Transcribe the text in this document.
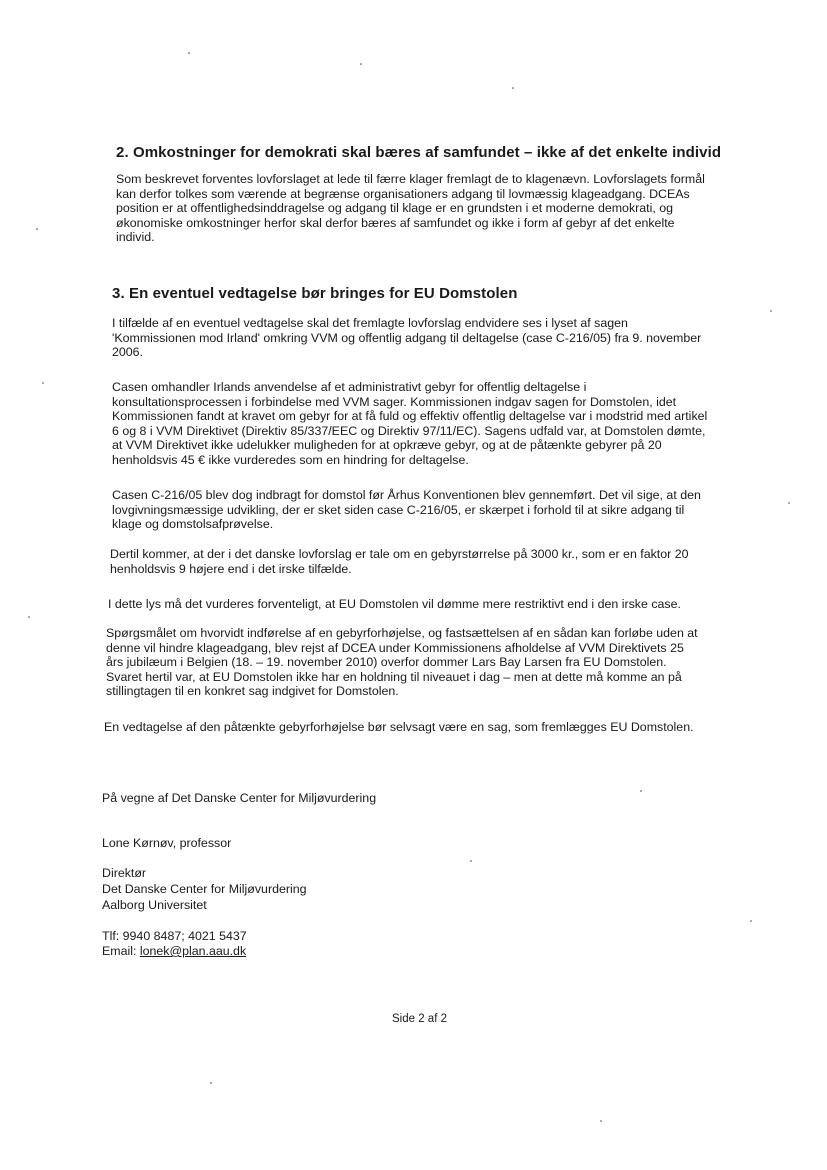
2. Omkostninger for demokrati skal bæres af samfundet – ikke af det enkelte individ
Som beskrevet forventes lovforslaget at lede til færre klager fremlagt de to klagenævn. Lovforslagets formål
kan derfor tolkes som værende at begrænse organisationers adgang til lovmæssig klageadgang. DCEAs
position er at offentlighedsinddragelse og adgang til klage er en grundsten i et moderne demokrati, og
økonomiske omkostninger herfor skal derfor bæres af samfundet og ikke i form af gebyr af det enkelte
individ.
3. En eventuel vedtagelse bør bringes for EU Domstolen
I tilfælde af en eventuel vedtagelse skal det fremlagte lovforslag endvidere ses i lyset af sagen
'Kommissionen mod Irland' omkring VVM og offentlig adgang til deltagelse (case C-216/05) fra 9. november
2006.
Casen omhandler Irlands anvendelse af et administrativt gebyr for offentlig deltagelse i
konsultationsprocessen i forbindelse med VVM sager. Kommissionen indgav sagen for Domstolen, idet
Kommissionen fandt at kravet om gebyr for at få fuld og effektiv offentlig deltagelse var i modstrid med artikel
6 og 8 i VVM Direktivet (Direktiv 85/337/EEC og Direktiv 97/11/EC). Sagens udfald var, at Domstolen dømte,
at VVM Direktivet ikke udelukker muligheden for at opkræve gebyr, og at de påtænkte gebyrer på 20
henholdsvis 45 € ikke vurderedes som en hindring for deltagelse.
Casen C-216/05 blev dog indbragt for domstol før Århus Konventionen blev gennemført. Det vil sige, at den
lovgivningsmæssige udvikling, der er sket siden case C-216/05, er skærpet i forhold til at sikre adgang til
klage og domstolsafprøvelse.
Dertil kommer, at der i det danske lovforslag er tale om en gebyrstørrelse på 3000 kr., som er en faktor 20
henholdsvis 9 højere end i det irske tilfælde.
I dette lys må det vurderes forventeligt, at EU Domstolen vil dømme mere restriktivt end i den irske case.
Spørgsmålet om hvorvidt indførelse af en gebyrforhøjelse, og fastsættelsen af en sådan kan forløbe uden at
denne vil hindre klageadgang, blev rejst af DCEA under Kommissionens afholdelse af VVM Direktivets 25
års jubilæum i Belgien (18. – 19. november 2010) overfor dommer Lars Bay Larsen fra EU Domstolen.
Svaret hertil var, at EU Domstolen ikke har en holdning til niveauet i dag – men at dette må komme an på
stillingtagen til en konkret sag indgivet for Domstolen.
En vedtagelse af den påtænkte gebyrforhøjelse bør selvsagt være en sag, som fremlægges EU Domstolen.
På vegne af Det Danske Center for Miljøvurdering
Lone Kørnøv, professor
Direktør
Det Danske Center for Miljøvurdering
Aalborg Universitet
Tlf: 9940 8487; 4021 5437
Email: lonek@plan.aau.dk
Side 2 af 2
